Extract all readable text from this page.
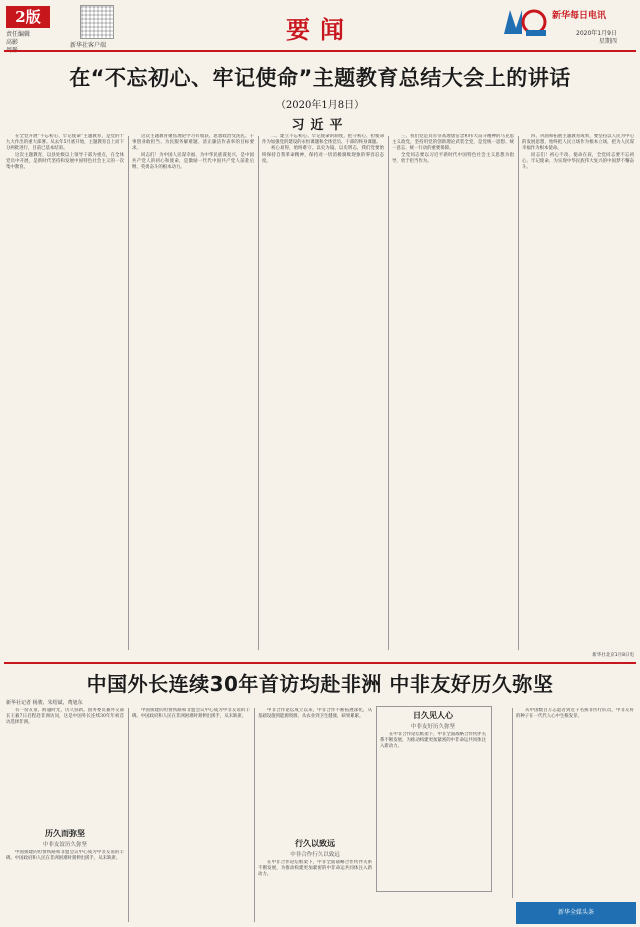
2版
责任编辑
高影	新华社客户端
要闻	新华每日电讯
2020年1月9日
星期四
在“不忘初心、牢记使命”主题教育总结大会上的讲话
（2020年1月8日）
习近平

在全党开展“不忘初心、牢记使命”主题教育，是党的十九大作出的重大部署。从去年5月底开始，主题教育自上而下分两批进行，目前已基本结束。

这次主题教育，以县处级以上领导干部为重点，在全体党员中开展，是新时代坚持和发展中国特色社会主义的一次集中教育。

这次主题教育聚焦理论学习有收获、思想政治受洗礼、干事创业敢担当、为民服务解难题、清正廉洁作表率的目标要求。

同志们！为中国人民谋幸福、为中华民族谋复兴，是中国共产党人的初心和使命，是激励一代代中国共产党人前赴后继、英勇奋斗的根本动力。

二、建立不忘初心、牢记使命的制度，把守初心、担使命作为加强党的建设的永恒课题和全体党员、干部的终身课题。

初心易得，始终难守。以史为镜、以史明志，我们党要始终保持自我革命精神，保持对一切消极腐败现象的零容忍态度。

三、我们党是具有崇高理想信念和伟大奋斗精神的马克思主义政党，坚持用党的创新理论武装全党，是党统一思想、统一意志、统一行动的重要保障。

全党同志要以习近平新时代中国特色社会主义思想为指导，勇于担当作为。

四、巩固和拓展主题教育成果，要坚持以人民为中心的发展思想，始终把人民立场作为根本立场，把为人民谋幸福作为根本使命。

同志们！初心不改、使命在肩，全党同志要不忘初心、牢记使命，为实现中华民族伟大复兴的中国梦不懈奋斗。

新华社北京1月8日电
中国外长连续30年首访均赴非洲 中非友好历久弥坚
新华社记者 杨骏、朱绍斌、费旭东

有一份友谊，跨越时光，历久弥新。国务委员兼外交部长王毅7日启程赴非洲访问，这是中国外长连续30年年初首访选择非洲。

历久而弥坚
中非友谊历久弥坚

中国援建的坦赞铁路和非盟会议中心成为中非友谊的丰碑。中国政府和人民在非洲困难时刻伸出援手，从未缺席。

中国援建的坦赞铁路和非盟会议中心成为中非友谊的丰碑。中国政府和人民在非洲困难时刻伸出援手，从未缺席。

中非合作论坛成立以来，中非合作不断拓展深化，从基础设施到能源资源，从农业到卫生健康，硕果累累。

行久以致远
中非合作行久以致远

在中非合作论坛框架下，中非全面战略合作伙伴关系不断发展，为推动构建更加紧密的中非命运共同体注入新动力。

日久见人心
中非友好历久弥坚

在中非合作论坛框架下，中非全面战略合作伙伴关系不断发展，为推动构建更加紧密的中非命运共同体注入新动力。

从中国数百万志愿者到近千名援非医疗队员，中非友好的种子在一代代人心中生根发芽。

新华全媒头条
